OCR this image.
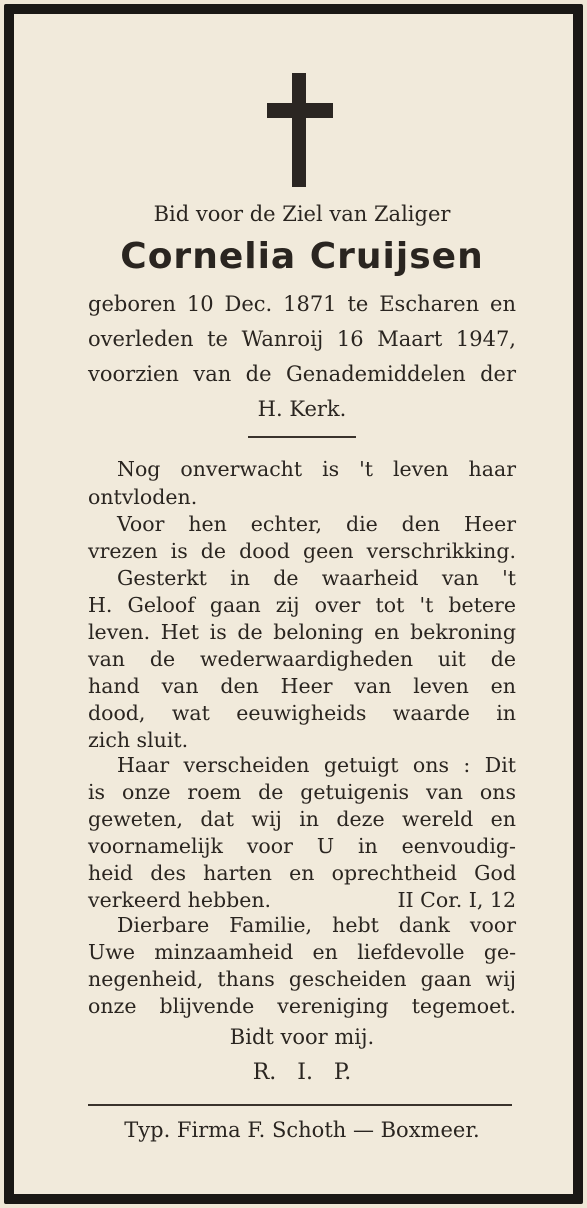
Bid voor de Ziel van Zaliger
Cornelia Cruijsen
geboren 10 Dec. 1871 te Escharen en
overleden te Wanroij 16 Maart 1947,
voorzien van de Genademiddelen der
H. Kerk.
Nog onverwacht is 't leven haar
ontvloden.
Voor hen echter, die den Heer
vrezen is de dood geen verschrikking.
Gesterkt in de waarheid van 't
H. Geloof gaan zij over tot 't betere
leven. Het is de beloning en bekroning
van de wederwaardigheden uit de
hand van den Heer van leven en
dood, wat eeuwigheids waarde in
zich sluit.
Haar verscheiden getuigt ons : Dit
is onze roem de getuigenis van ons
geweten, dat wij in deze wereld en
voornamelijk voor U in eenvoudig-
heid des harten en oprechtheid God
verkeerd hebben.	II Cor. I, 12
Dierbare Familie, hebt dank voor
Uwe minzaamheid en liefdevolle ge-
negenheid, thans gescheiden gaan wij
onze blijvende vereniging tegemoet.
Bidt voor mij.
R.   I.   P.
Typ. Firma F. Schoth — Boxmeer.
